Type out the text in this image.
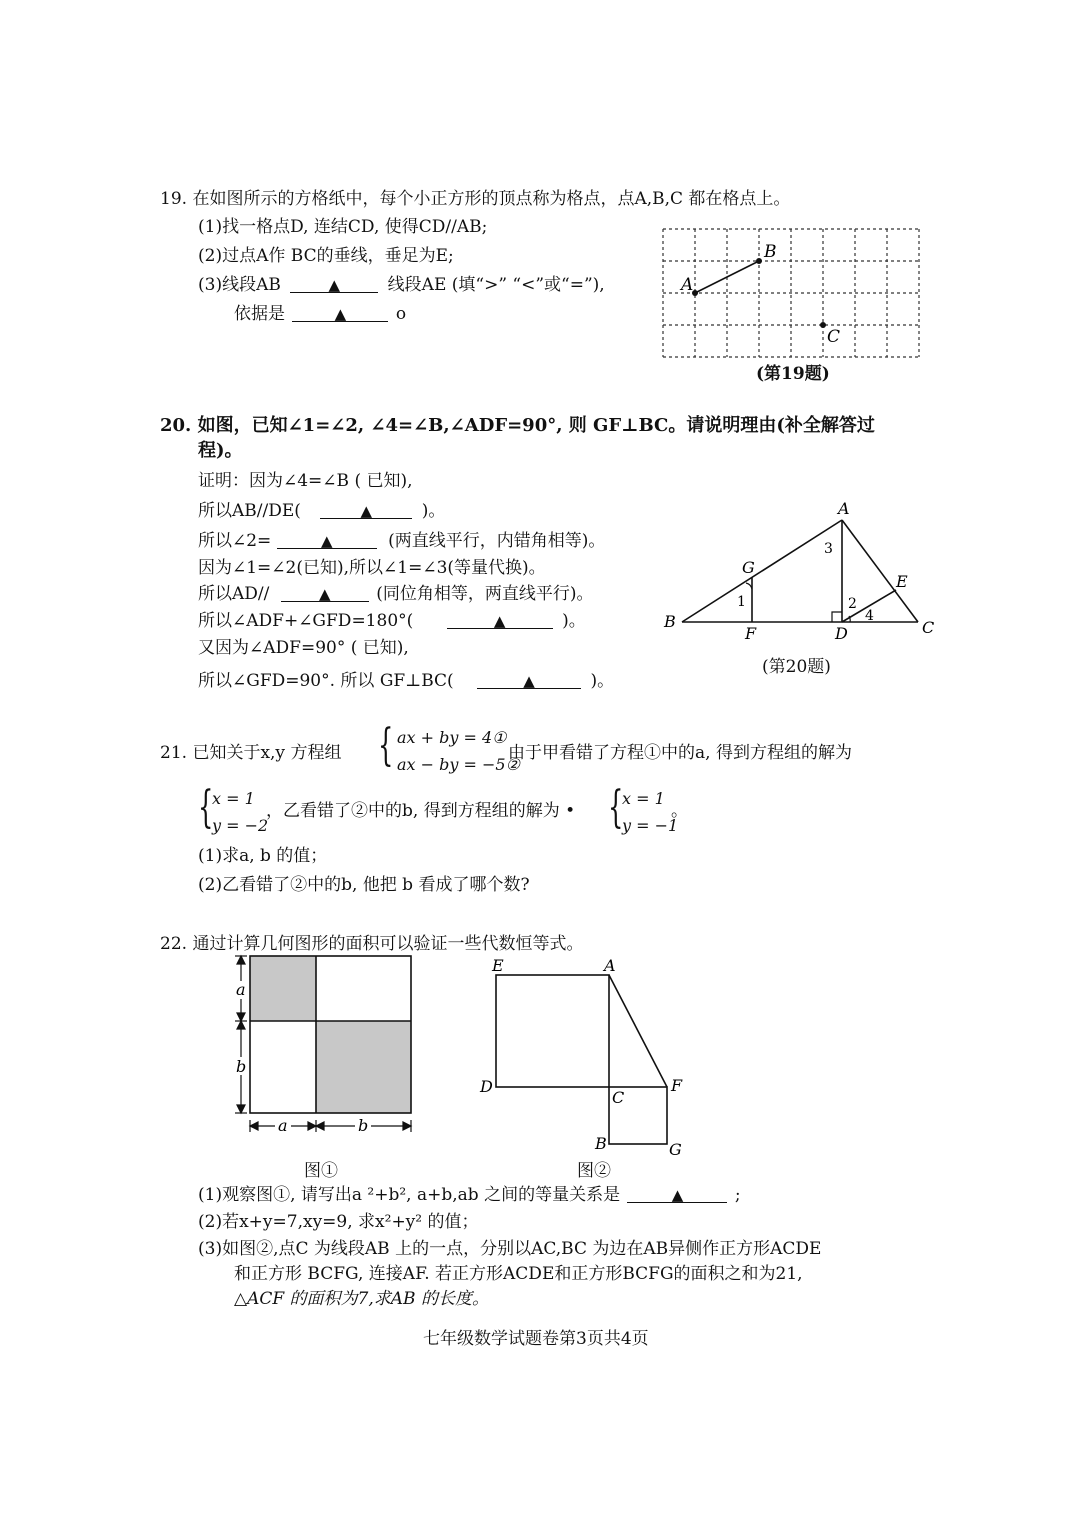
19. 在如图所示的方格纸中，每个小正方形的顶点称为格点，点A,B,C 都在格点上。
(1)找一格点D, 连结CD, 使得CD//AB;
(2)过点A作 BC的垂线，垂足为E;
(3)线段AB	▲	线段AE (填“>” “<”或“=”),
依据是	▲	o
A
B
C
(第19题)
20. 如图，已知∠1=∠2, ∠4=∠B,∠ADF=90°, 则 GF⊥BC。请说明理由(补全解答过
程)。
证明：因为∠4=∠B ( 已知),
所以AB//DE(	▲	)。
所以∠2=	▲	(两直线平行，内错角相等)。
因为∠1=∠2(已知),所以∠1=∠3(等量代换)。
所以AD//	▲	(同位角相等，两直线平行)。
所以∠ADF+∠GFD=180°(	▲	)。
又因为∠ADF=90° ( 已知),
所以∠GFD=90°. 所以 GF⊥BC(	▲	)。
A
B	C
D
E
F
G
1	2
3
4
(第20题)
21. 已知关于x,y 方程组 { ax + by = 4①
ax − by = −5②
由于甲看错了方程①中的a, 得到方程组的解为
{
x = 1
y = −2
，乙看错了②中的b, 得到方程组的解为 • {
x = 1
y = −1
。
(1)求a, b 的值；
(2)乙看错了②中的b, 他把 b 看成了哪个数?
22. 通过计算几何图形的面积可以验证一些代数恒等式。
a
b
a	b
图①
E	A
D
C
F
B	G
图②
(1)观察图①, 请写出a ²+b², a+b,ab 之间的等量关系是	▲	;
(2)若x+y=7,xy=9, 求x²+y² 的值；
(3)如图②,点C 为线段AB 上的一点，分别以AC,BC 为边在AB异侧作正方形ACDE
和正方形 BCFG, 连接AF. 若正方形ACDE和正方形BCFG的面积之和为21,
△ACF 的面积为7,求AB 的长度。
七年级数学试题卷第3页共4页
